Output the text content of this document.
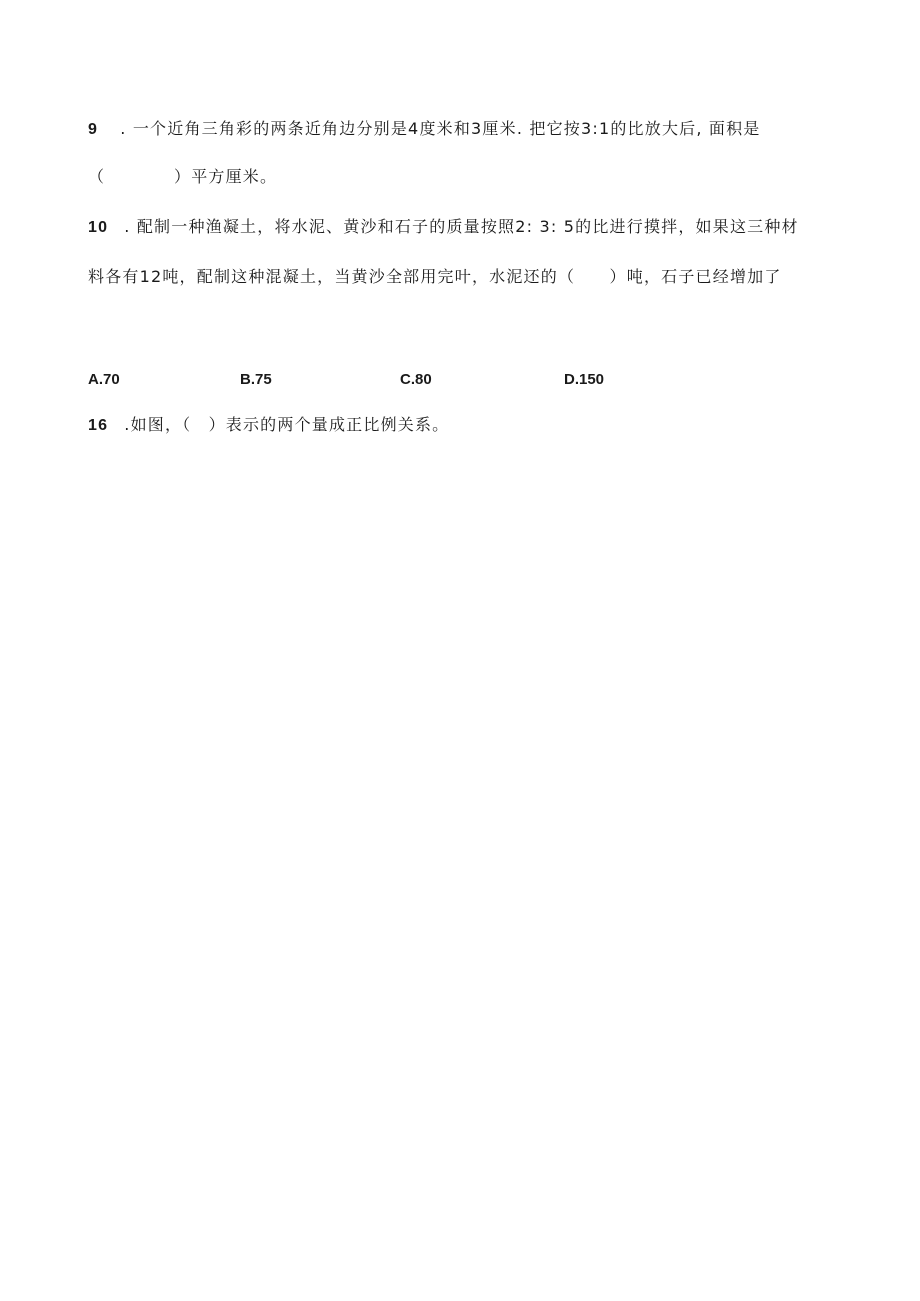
9 . 一个近角三角彩的两条近角边分别是4度米和3厘米. 把它按3:1的比放大后, 面积是
（　　　　）平方厘米。
10 . 配制一种渔凝土，将水泥、黄沙和石子的质量按照2: 3: 5的比进行摸拌，如果这三种材
料各有12吨，配制这种混凝土，当黄沙全部用完叶，水泥还的（　　）吨，石子已经增加了
A.70	B.75	C.80	D.150
16 .如图，（　）表示的两个量成正比例关系。
